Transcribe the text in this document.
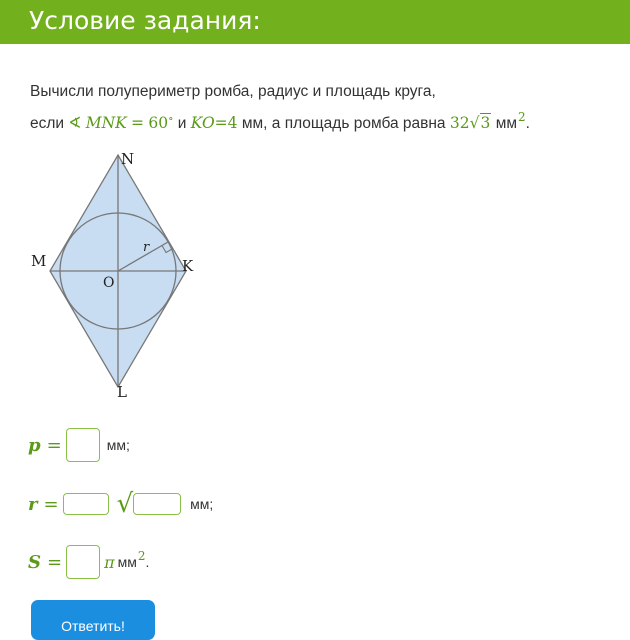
Условие задания:
Вычисли полупериметр ромба, радиус и площадь круга,
если ∢ MNK = 60∘ и KO=4 мм, а площадь ромба равна 32√3 $мм^2$.
N
M	K
L
O
r
p =	мм;
r = √	мм;
S =	π мм2.
Ответить!
